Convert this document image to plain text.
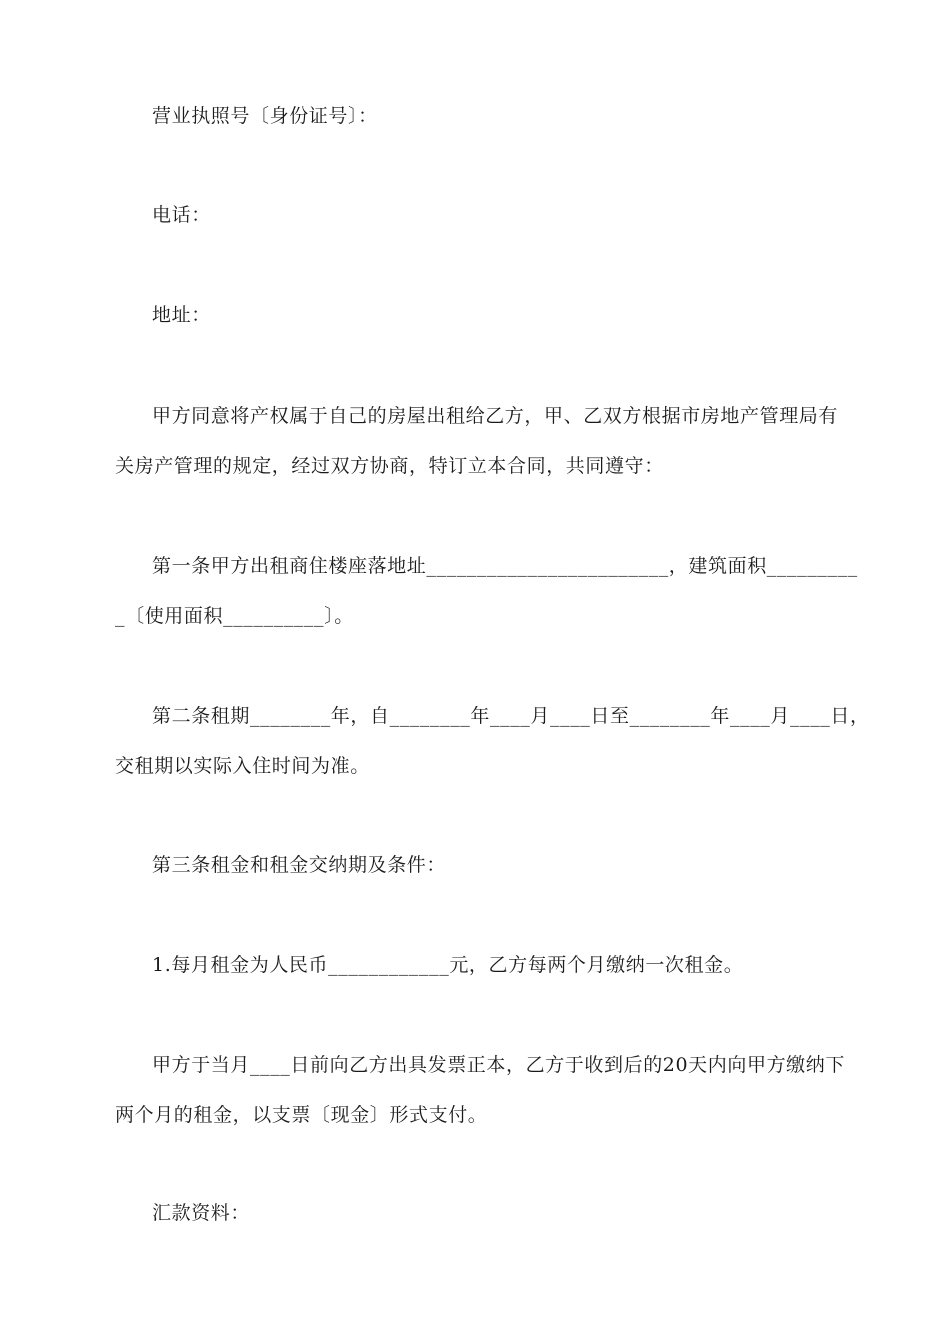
营业执照号〔身份证号〕：
电话：
地址：
甲方同意将产权属于自己的房屋出租给乙方，甲、乙双方根据市房地产管理局有
关房产管理的规定，经过双方协商，特订立本合同，共同遵守：
第一条甲方出租商住楼座落地址________________________，建筑面积_________
_〔使用面积__________〕。
第二条租期________年，自________年____月____日至________年____月____日，
交租期以实际入住时间为准。
第三条租金和租金交纳期及条件：
1.每月租金为人民币____________元，乙方每两个月缴纳一次租金。
甲方于当月____日前向乙方出具发票正本，乙方于收到后的20天内向甲方缴纳下
两个月的租金，以支票〔现金〕形式支付。
汇款资料：
